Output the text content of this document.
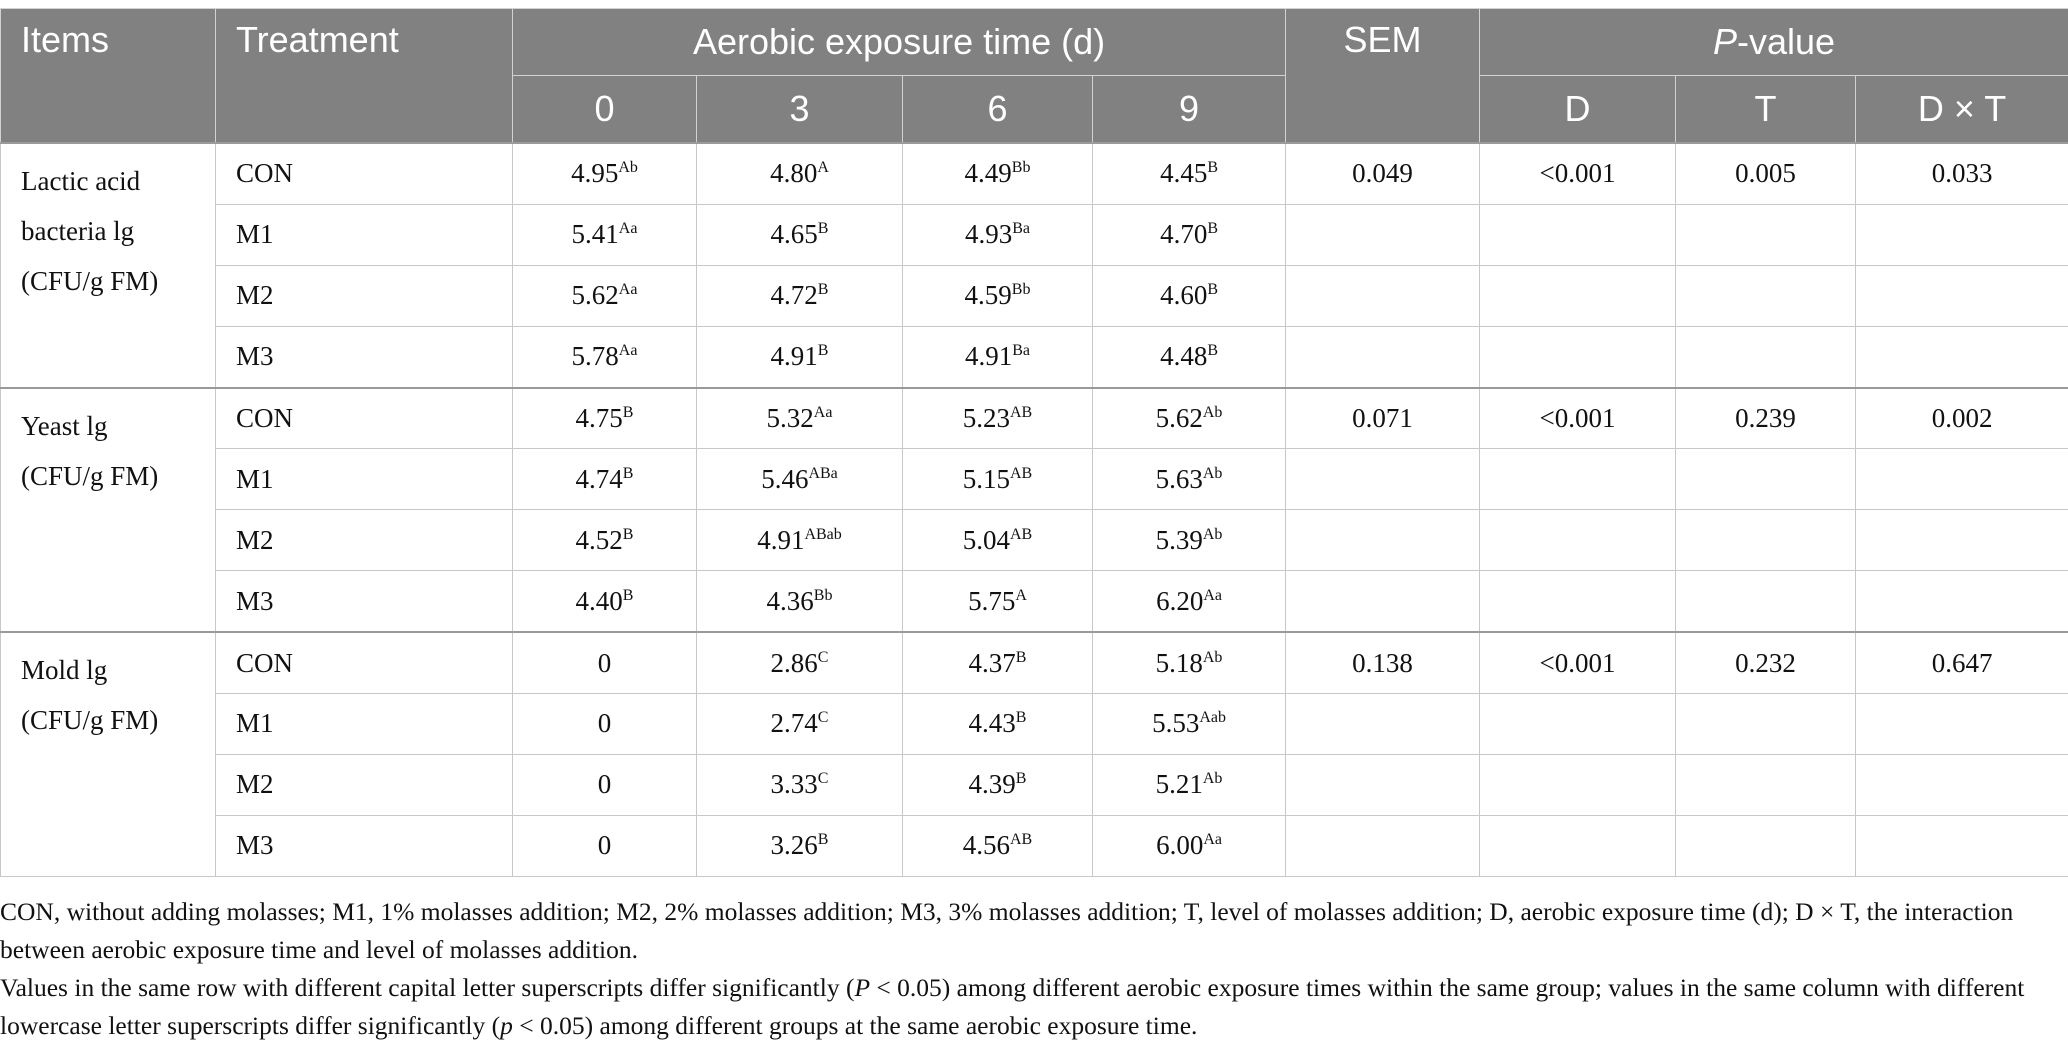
Items	Treatment	Aerobic exposure time (d)				SEM	P-value		
		0	3	6	9		D	T	D × T

Lactic acid
bacteria lg
(CFU/g FM)	CON	$4.95^{Ab}$	$4.80^A$	$4.49^{Bb}$	$4.45^B$	0.049	<0.001	0.005	0.033
	M1	$5.41^{Aa}$	$4.65^B$	$4.93^{Ba}$	$4.70^B$				
	M2	$5.62^{Aa}$	$4.72^B$	$4.59^{Bb}$	$4.60^B$				
	M3	$5.78^{Aa}$	$4.91^B$	$4.91^{Ba}$	$4.48^B$				

Yeast lg
(CFU/g FM)	CON	$4.75^B$	$5.32^{Aa}$	$5.23^{AB}$	$5.62^{Ab}$	0.071	<0.001	0.239	0.002
	M1	$4.74^B$	$5.46^{ABa}$	$5.15^{AB}$	$5.63^{Ab}$				
	M2	$4.52^B$	$4.91^{ABab}$	$5.04^{AB}$	$5.39^{Ab}$				
	M3	$4.40^B$	$4.36^{Bb}$	$5.75^A$	$6.20^{Aa}$				

Mold lg
(CFU/g FM)	CON	0	$2.86^C$	$4.37^B$	$5.18^{Ab}$	0.138	<0.001	0.232	0.647
	M1	0	$2.74^C$	$4.43^B$	$5.53^{Aab}$				
	M2	0	$3.33^C$	$4.39^B$	$5.21^{Ab}$				
	M3	0	$3.26^B$	$4.56^{AB}$	$6.00^{Aa}$				

CON, without adding molasses; M1, 1% molasses addition; M2, 2% molasses addition; M3, 3% molasses addition; T, level of molasses addition; D, aerobic exposure time (d); D × T, the interaction between aerobic exposure time and level of molasses addition.

Values in the same row with different capital letter superscripts differ significantly (P < 0.05) among different aerobic exposure times within the same group; values in the same column with different lowercase letter superscripts differ significantly (p < 0.05) among different groups at the same aerobic exposure time.
